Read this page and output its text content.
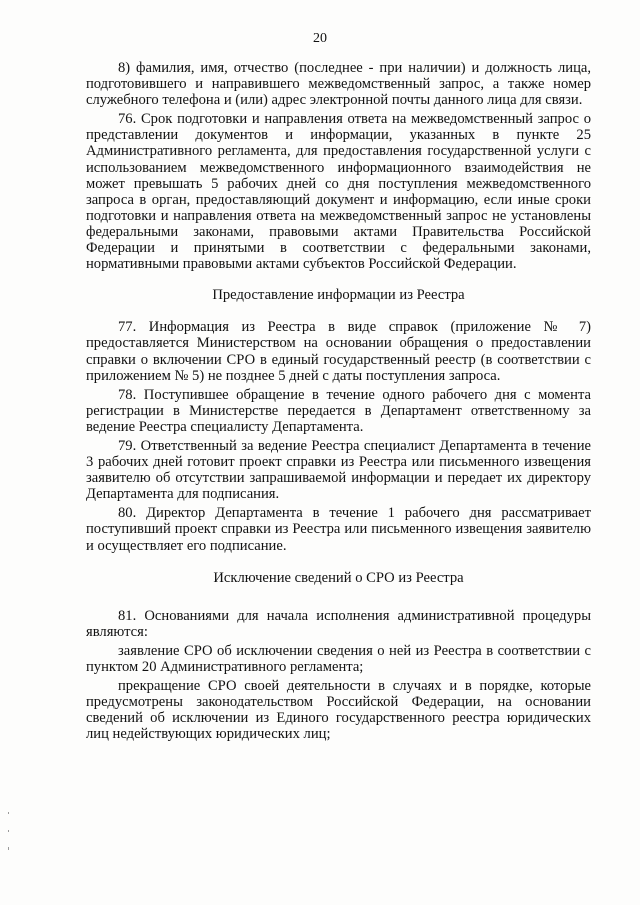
20

8) фамилия, имя, отчество (последнее - при наличии) и должность лица, подготовившего и направившего межведомственный запрос, а также номер служебного телефона и (или) адрес электронной почты данного лица для связи.

76. Срок подготовки и направления ответа на межведомственный запрос о представлении документов и информации, указанных в пункте 25 Административного регламента, для предоставления государственной услуги с использованием межведомственного информационного взаимодействия не может превышать 5 рабочих дней со дня поступления межведомственного запроса в орган, предоставляющий документ и информацию, если иные сроки подготовки и направления ответа на межведомственный запрос не установлены федеральными законами, правовыми актами Правительства Российской Федерации и принятыми в соответствии с федеральными законами, нормативными правовыми актами субъектов Российской Федерации.

Предоставление информации из Реестра

77. Информация из Реестра в виде справок (приложение № 7) предоставляется Министерством на основании обращения о предоставлении справки о включении СРО в единый государственный реестр (в соответствии с приложением № 5) не позднее 5 дней с даты поступления запроса.

78. Поступившее обращение в течение одного рабочего дня с момента регистрации в Министерстве передается в Департамент ответственному за ведение Реестра специалисту Департамента.

79. Ответственный за ведение Реестра специалист Департамента в течение 3 рабочих дней готовит проект справки из Реестра или письменного извещения заявителю об отсутствии запрашиваемой информации и передает их директору Департамента для подписания.

80. Директор Департамента в течение 1 рабочего дня рассматривает поступивший проект справки из Реестра или письменного извещения заявителю и осуществляет его подписание.

Исключение сведений о СРО из Реестра

81. Основаниями для начала исполнения административной процедуры являются:

заявление СРО об исключении сведения о ней из Реестра в соответствии с пунктом 20 Административного регламента;

прекращение СРО своей деятельности в случаях и в порядке, которые предусмотрены законодательством Российской Федерации, на основании сведений об исключении из Единого государственного реестра юридических лиц недействующих юридических лиц;
